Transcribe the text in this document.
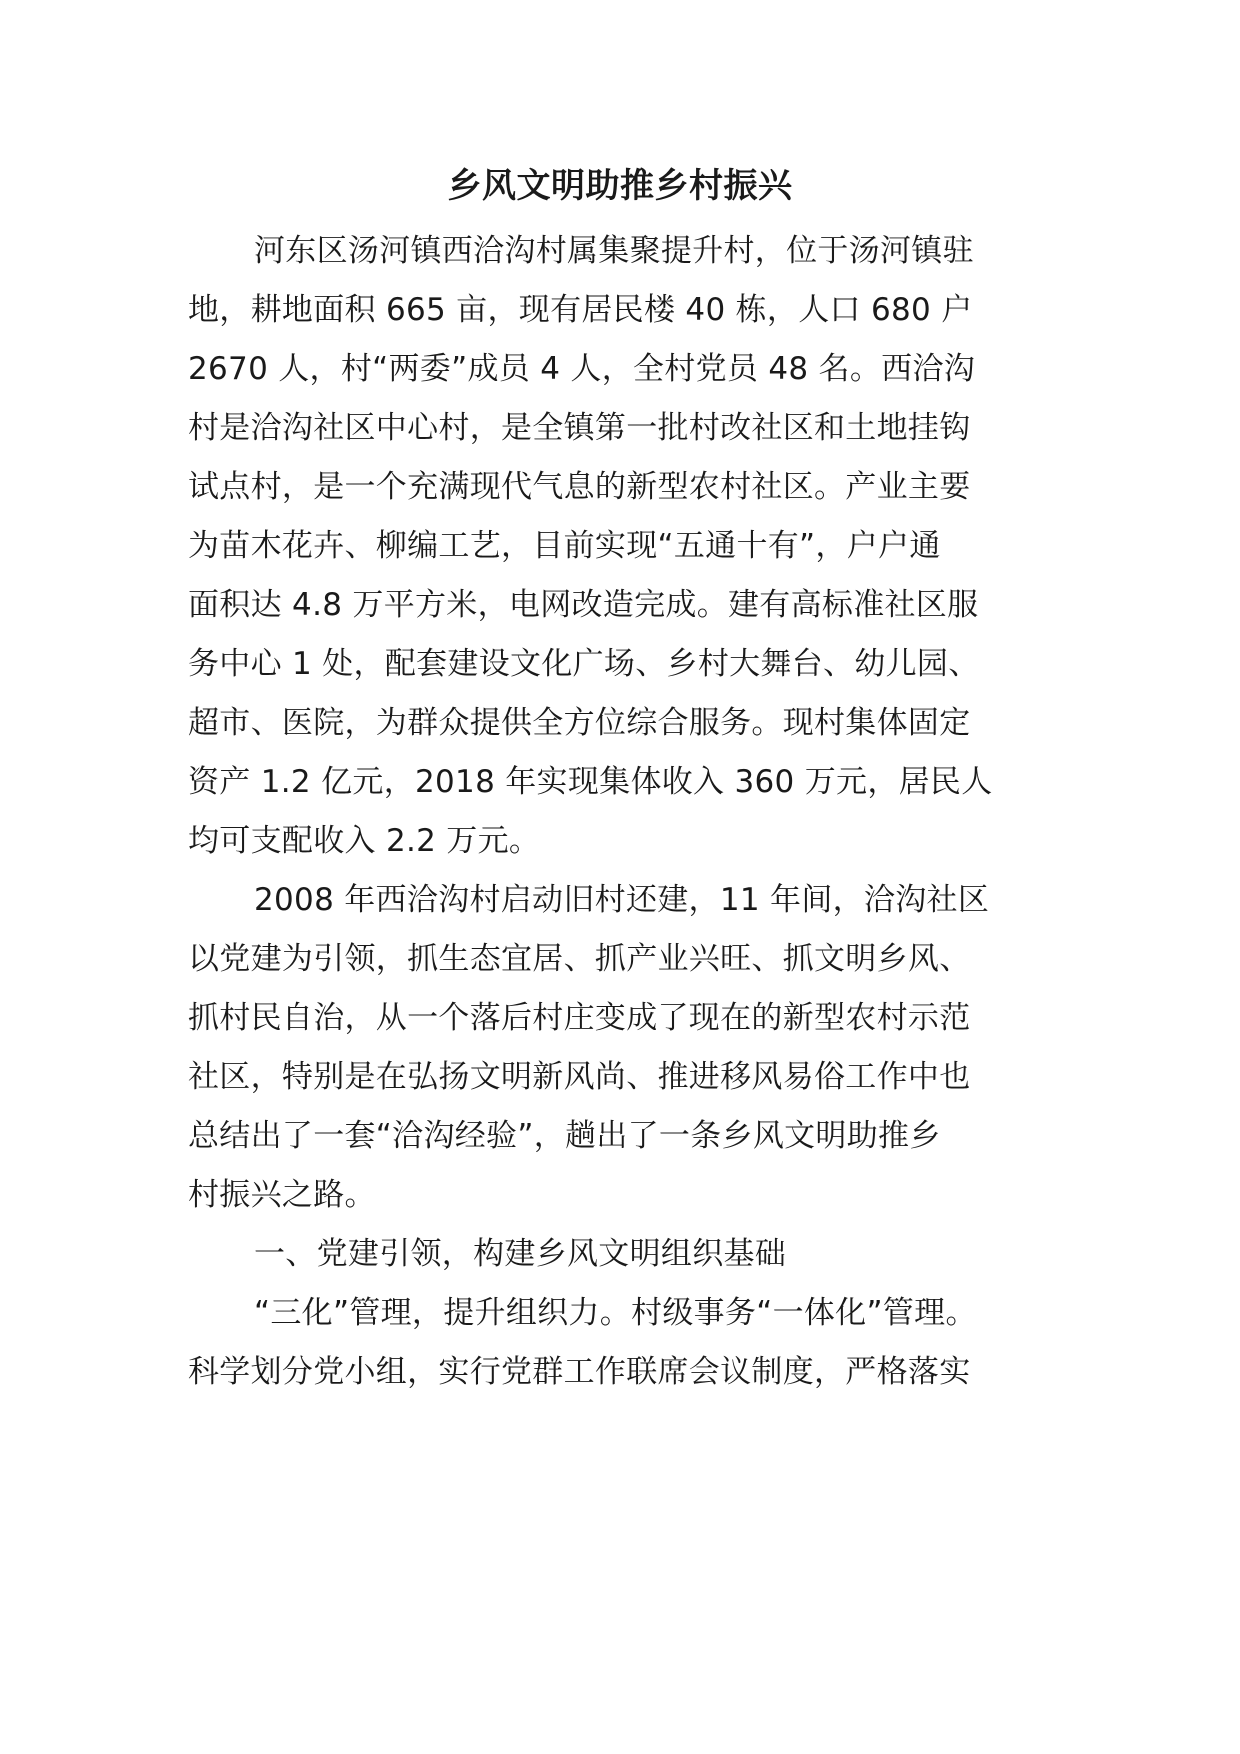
乡风文明助推乡村振兴
河东区汤河镇西洽沟村属集聚提升村，位于汤河镇驻
地，耕地面积 665 亩，现有居民楼 40 栋，人口 680 户
2670 人，村“两委”成员 4 人，全村党员 48 名。西洽沟
村是洽沟社区中心村，是全镇第一批村改社区和土地挂钩
试点村，是一个充满现代气息的新型农村社区。产业主要
为苗木花卉、柳编工艺，目前实现“五通十有”，户户通
面积达 4.8 万平方米，电网改造完成。建有高标准社区服
务中心 1 处，配套建设文化广场、乡村大舞台、幼儿园、
超市、医院，为群众提供全方位综合服务。现村集体固定
资产 1.2 亿元，2018 年实现集体收入 360 万元，居民人
均可支配收入 2.2 万元。
2008 年西洽沟村启动旧村还建，11 年间，洽沟社区
以党建为引领，抓生态宜居、抓产业兴旺、抓文明乡风、
抓村民自治，从一个落后村庄变成了现在的新型农村示范
社区，特别是在弘扬文明新风尚、推进移风易俗工作中也
总结出了一套“洽沟经验”，趟出了一条乡风文明助推乡
村振兴之路。
一、党建引领，构建乡风文明组织基础
“三化”管理，提升组织力。村级事务“一体化”管理。
科学划分党小组，实行党群工作联席会议制度，严格落实
